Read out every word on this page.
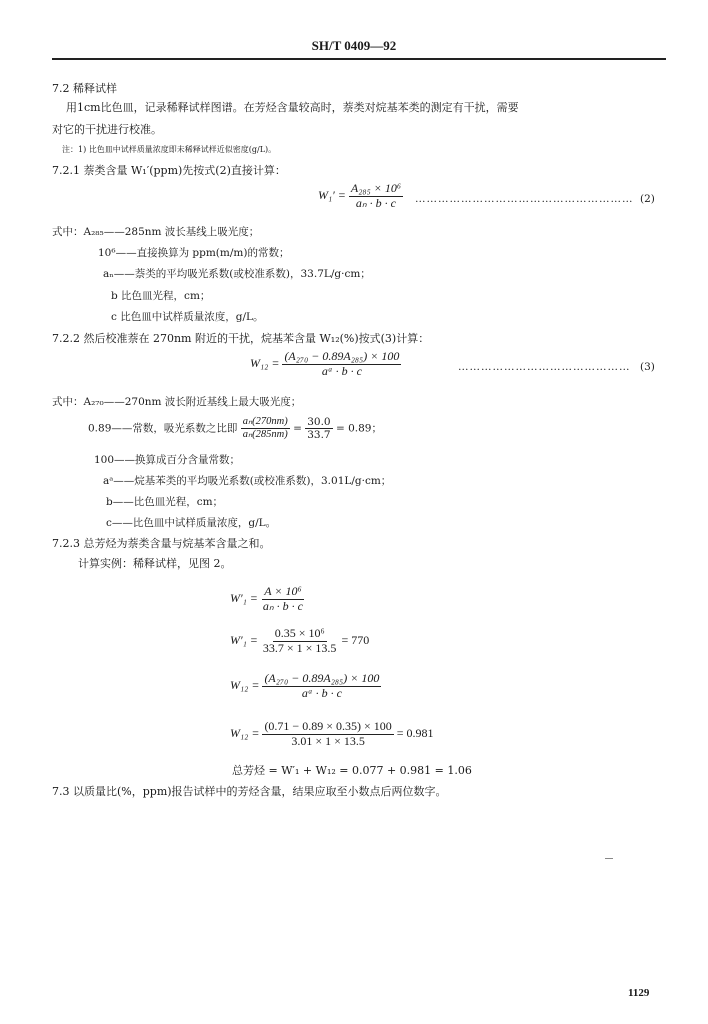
SH/T 0409—92
7.2 稀释试样
用1cm比色皿，记录稀释试样图谱。在芳烃含量较高时，萘类对烷基苯类的测定有干扰，需要
对它的干扰进行校准。
注：1) 比色皿中试样质量浓度即未稀释试样近似密度(g/L)。
7.2.1 萘类含量 W₁′(ppm)先按式(2)直接计算：
$W_1' = \frac{\text{A₂₈₅ × 10⁶}}{\text{aₙ · b · c}}$ ………………………………………………… (2)
式中：A₂₈₅——285nm 波长基线上吸光度；
10⁶——直接换算为 ppm(m/m)的常数；
aₙ——萘类的平均吸光系数(或校准系数)，33.7L/g·cm；
b 比色皿光程，cm；
c 比色皿中试样质量浓度，g/L。
7.2.2 然后校准萘在 270nm 附近的干扰，烷基苯含量 W₁₂(%)按式(3)计算：
$W_{12} = \frac{\text{(A₂₇₀ − 0.89A₂₈₅) × 100}}{\text{aᵃ · b · c}}$	……………………………………… (3)
式中：A₂₇₀——270nm 波长附近基线上最大吸光度；
0.89——常数，吸光系数之比即 $\frac{\text{aₙ(270nm)}}{\text{aₙ(285nm)}} = \frac{30.0}{33.7} = 0.89$；
100——换算成百分含量常数；
aᵃ——烷基苯类的平均吸光系数(或校准系数)，3.01L/g·cm；
b——比色皿光程，cm；
c——比色皿中试样质量浓度，g/L。
7.2.3 总芳烃为萘类含量与烷基苯含量之和。
计算实例：稀释试样，见图 2。
$W'_1 = \frac{\text{A × 10⁶}}{\text{aₙ · b · c}}$
$W'_1 = \frac{\text{0.35 × 10⁶}}{33.7 \times 1 \times 13.5} = 770$
$W_{12} = \frac{\text{(A₂₇₀ − 0.89A₂₈₅) × 100}}{\text{aᵃ · b · c}}$
$W_{12} = \frac{(0.71 - 0.89 \times 0.35) \times 100}{3.01 \times 1 \times 13.5} = 0.981$
总芳烃 = W′₁ + W₁₂ = 0.077 + 0.981 = 1.06
7.3 以质量比(%，ppm)报告试样中的芳烃含量，结果应取至小数点后两位数字。
1129
